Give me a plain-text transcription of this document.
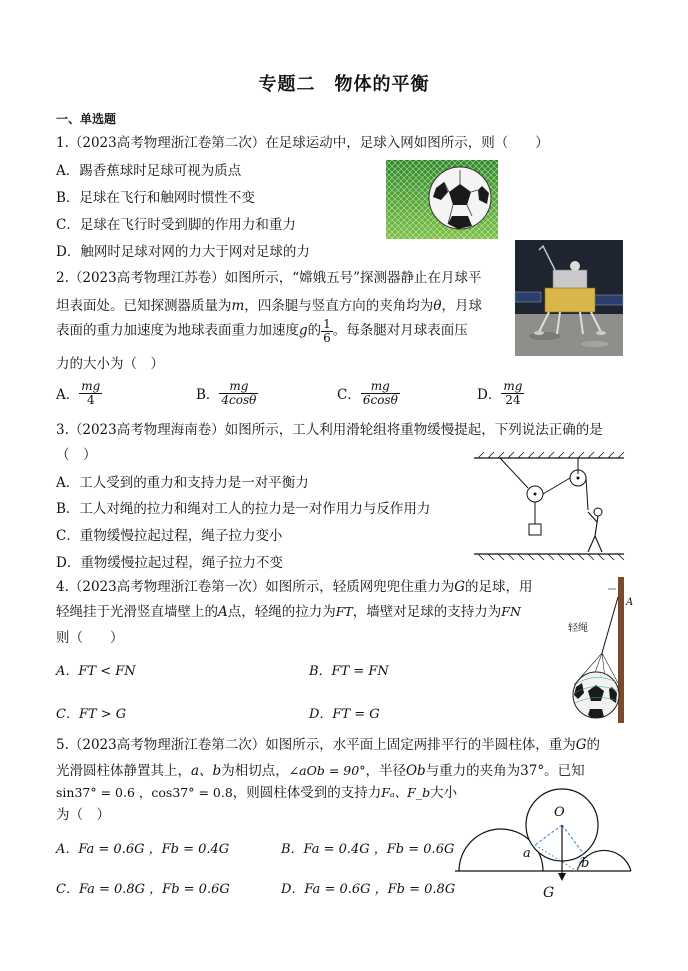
专题二　物体的平衡
一、单选题
1.（2023高考物理浙江卷第二次）在足球运动中，足球入网如图所示，则（　　）
A．踢香蕉球时足球可视为质点
B．足球在飞行和触网时惯性不变
C．足球在飞行时受到脚的作用力和重力
D．触网时足球对网的力大于网对足球的力
2.（2023高考物理江苏卷）如图所示，“嫦娥五号”探测器静止在月球平
坦表面处。已知探测器质量为m，四条腿与竖直方向的夹角均为θ，月球
表面的重力加速度为地球表面重力加速度g的 $\frac{1}{6}$ 。每条腿对月球表面压
力的大小为（　）
A． $\frac{mg}{4}$	B． $\frac{mg}{4\cos\theta}$	C． $\frac{mg}{6\cos\theta}$	D． $\frac{mg}{24}$
3.（2023高考物理海南卷）如图所示，工人利用滑轮组将重物缓慢提起，下列说法正确的是
（　）
A．工人受到的重力和支持力是一对平衡力
B．工人对绳的拉力和绳对工人的拉力是一对作用力与反作用力
C．重物缓慢拉起过程，绳子拉力变小
D．重物缓慢拉起过程，绳子拉力不变
4.（2023高考物理浙江卷第一次）如图所示，轻质网兜兜住重力为G的足球，用
轻绳挂于光滑竖直墙壁上的A点，轻绳的拉力为FT，墙壁对足球的支持力为FN
则（　　）
A．FT < FN	B．FT = FN
C．FT > G	D．FT = G
A
轻绳
5.（2023高考物理浙江卷第二次）如图所示，水平面上固定两排平行的半圆柱体，重为G的
光滑圆柱体静置其上，a、b为相切点，∠aOb = 90°，半径Ob与重力的夹角为37°。已知
sin37° = 0.6 ，cos37° = 0.8，则圆柱体受到的支持力Fₐ、F_b大小
为（　）
A．Fa = 0.6G ，Fb = 0.4G	B．Fa = 0.4G ，Fb = 0.6G
C．Fa = 0.8G ，Fb = 0.6G	D．Fa = 0.6G ，Fb = 0.8G
O
a
b
G
